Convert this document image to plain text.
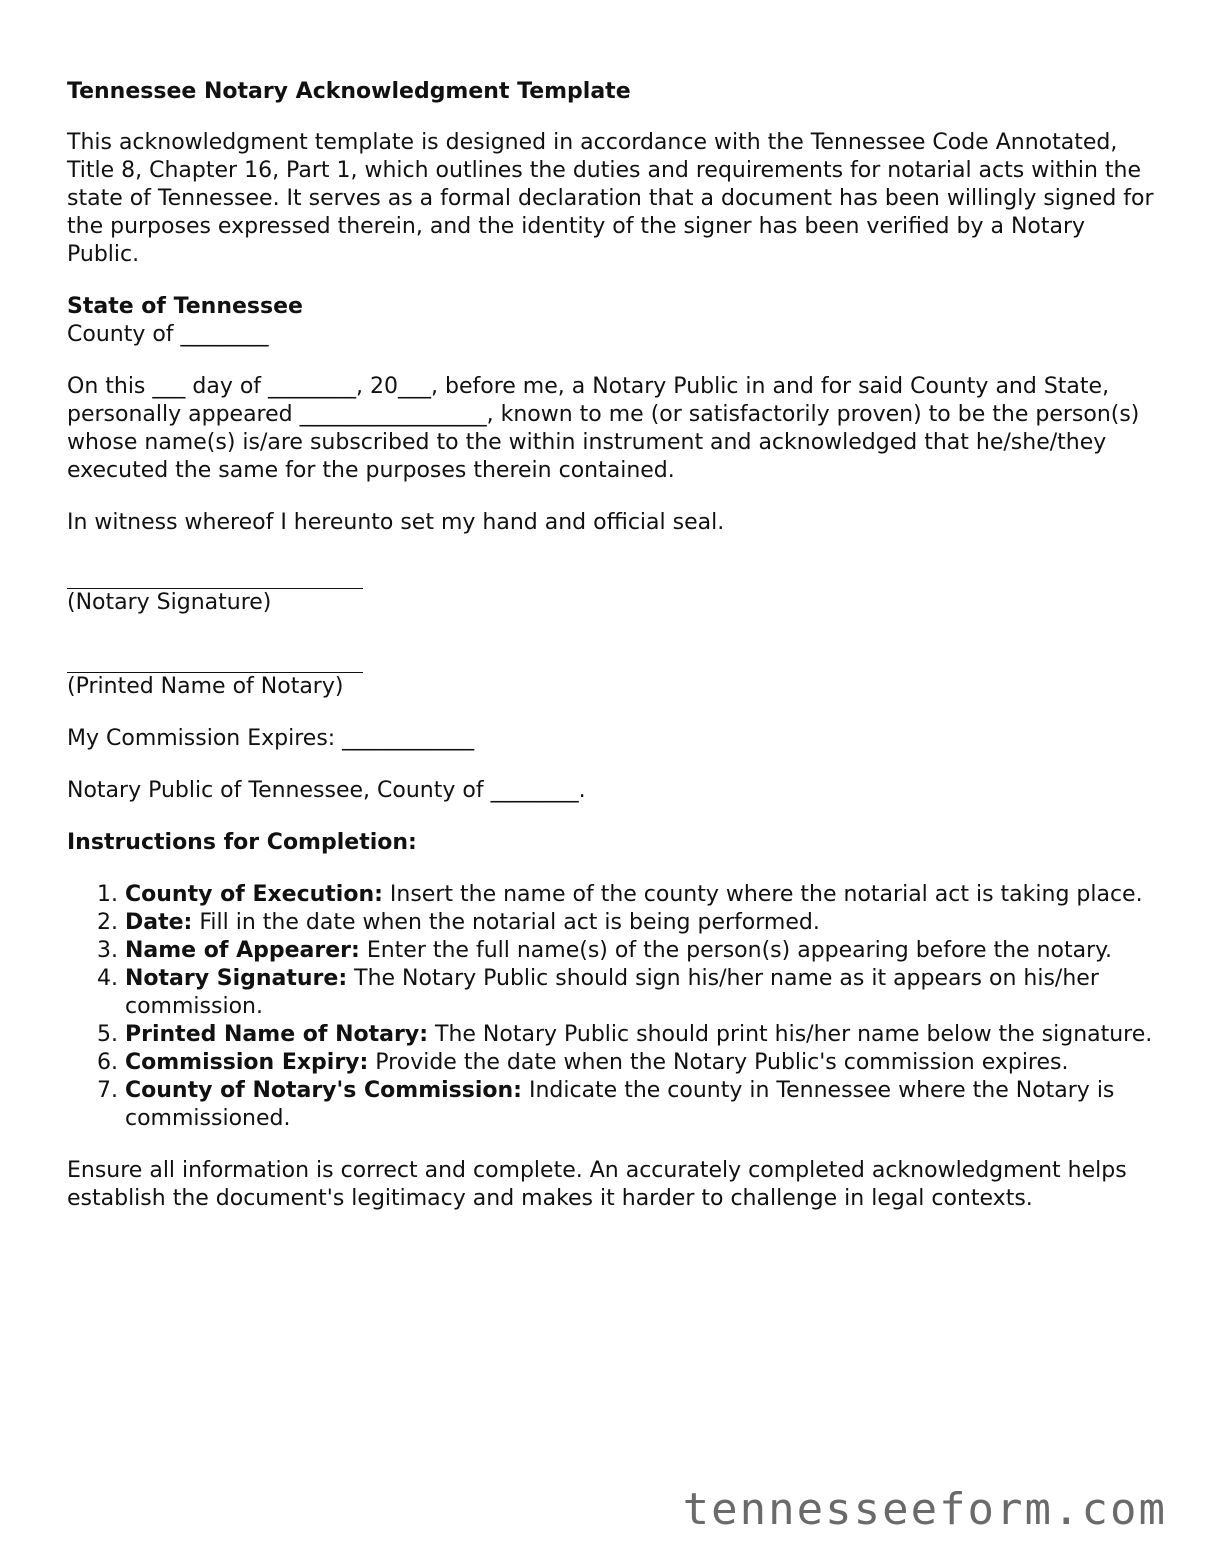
Tennessee Notary Acknowledgment Template

This acknowledgment template is designed in accordance with the Tennessee Code Annotated, Title 8, Chapter 16, Part 1, which outlines the duties and requirements for notarial acts within the state of Tennessee. It serves as a formal declaration that a document has been willingly signed for the purposes expressed therein, and the identity of the signer has been verified by a Notary Public.

State of Tennessee
County of ________

On this ___ day of ________, 20___, before me, a Notary Public in and for said County and State, personally appeared _________________, known to me (or satisfactorily proven) to be the person(s) whose name(s) is/are subscribed to the within instrument and acknowledged that he/she/they executed the same for the purposes therein contained.

In witness whereof I hereunto set my hand and official seal.

(Notary Signature)
(Printed Name of Notary)

My Commission Expires: ____________

Notary Public of Tennessee, County of ________.

Instructions for Completion:

1. County of Execution: Insert the name of the county where the notarial act is taking place.
2. Date: Fill in the date when the notarial act is being performed.
3. Name of Appearer: Enter the full name(s) of the person(s) appearing before the notary.
4. Notary Signature: The Notary Public should sign his/her name as it appears on his/her commission.
5. Printed Name of Notary: The Notary Public should print his/her name below the signature.
6. Commission Expiry: Provide the date when the Notary Public's commission expires.
7. County of Notary's Commission: Indicate the county in Tennessee where the Notary is commissioned.

Ensure all information is correct and complete. An accurately completed acknowledgment helps establish the document's legitimacy and makes it harder to challenge in legal contexts.

tennesseeform.com
